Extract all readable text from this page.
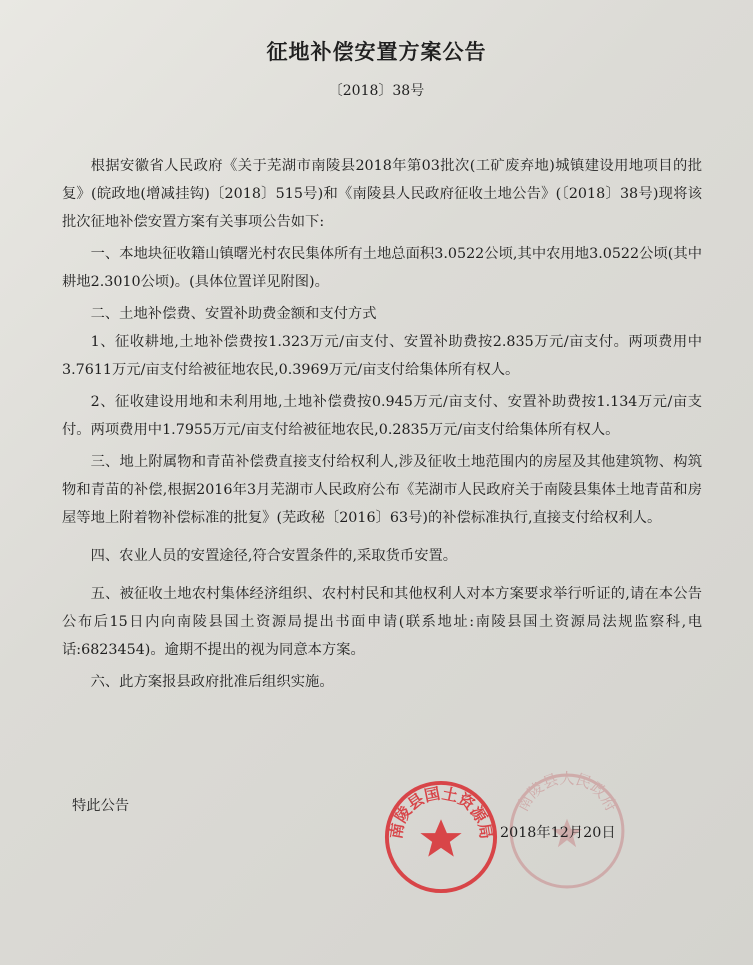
征地补偿安置方案公告
〔2018〕38号

根据安徽省人民政府《关于芜湖市南陵县2018年第03批次(工矿废弃地)城镇建设用地项目的批复》(皖政地(增减挂钩)〔2018〕515号)和《南陵县人民政府征收土地公告》(〔2018〕38号)现将该批次征地补偿安置方案有关事项公告如下:

一、本地块征收籍山镇曙光村农民集体所有土地总面积3.0522公顷,其中农用地3.0522公顷(其中耕地2.3010公顷)。(具体位置详见附图)。

二、土地补偿费、安置补助费金额和支付方式

1、征收耕地,土地补偿费按1.323万元/亩支付、安置补助费按2.835万元/亩支付。两项费用中3.7611万元/亩支付给被征地农民,0.3969万元/亩支付给集体所有权人。

2、征收建设用地和未利用地,土地补偿费按0.945万元/亩支付、安置补助费按1.134万元/亩支付。两项费用中1.7955万元/亩支付给被征地农民,0.2835万元/亩支付给集体所有权人。

三、地上附属物和青苗补偿费直接支付给权利人,涉及征收土地范围内的房屋及其他建筑物、构筑物和青苗的补偿,根据2016年3月芜湖市人民政府公布《芜湖市人民政府关于南陵县集体土地青苗和房屋等地上附着物补偿标准的批复》(芜政秘〔2016〕63号)的补偿标准执行,直接支付给权利人。

四、农业人员的安置途径,符合安置条件的,采取货币安置。

五、被征收土地农村集体经济组织、农村村民和其他权利人对本方案要求举行听证的,请在本公告公布后15日内向南陵县国土资源局提出书面申请(联系地址:南陵县国土资源局法规监察科,电话:6823454)。逾期不提出的视为同意本方案。

六、此方案报县政府批准后组织实施。

特此公告	南陵县人民政府
南陵县国土资源局 2018年12月20日
